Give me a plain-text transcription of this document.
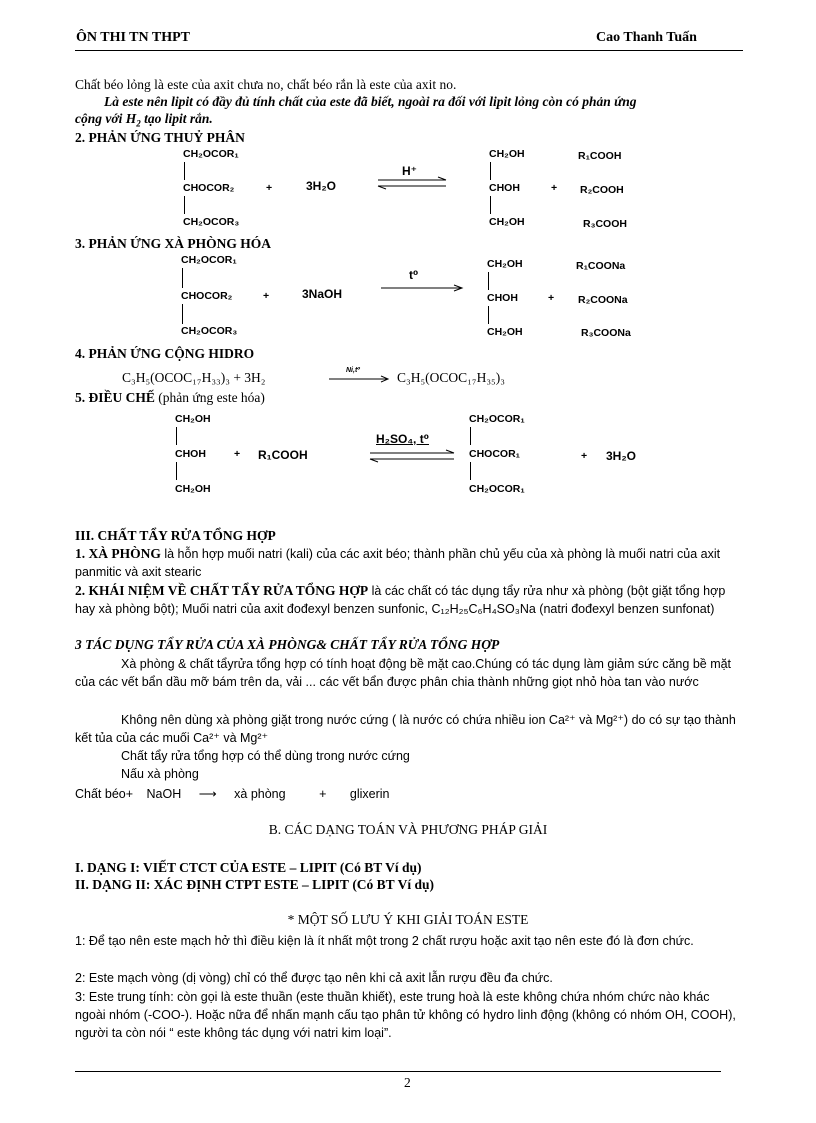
ÔN THI TN THPT	Cao Thanh Tuấn
Chất béo lỏng là este của axit chưa no, chất béo rắn là este của axit no.
Là este nên lipit có đầy đủ tính chất của este đã biết, ngoài ra đối với lipit lỏng còn có phản ứng
cộng với $H_2$ tạo lipit rắn.
2. PHẢN ỨNG THUỶ PHÂN
CH₂OCOR₁
CHOCOR₂
CH₂OCOR₃
+	3H₂O
H⁺
CH₂OH
CHOH
CH₂OH
+
R₁COOH
R₂COOH
R₃COOH
3. PHẢN ỨNG XÀ PHÒNG HÓA
CH₂OCOR₁
CHOCOR₂
CH₂OCOR₃
+	3NaOH
t⁰
CH₂OH
CHOH
CH₂OH
+
R₁COONa
R₂COONa
R₃COONa
4. PHẢN ỨNG CỘNG HIDRO
C₃H₅(OCOC₁₇H₃₃)₃ + 3H₂	Ni,t⁰	C₃H₅(OCOC₁₇H₃₅)₃
5. ĐIỀU CHẾ (phản ứng este hóa)
CH₂OH
CHOH
CH₂OH
+ R₁COOH
H₂SO₄, t⁰
CH₂OCOR₁
CHOCOR₁
CH₂OCOR₁
+ 3H₂O
III. CHẤT TẨY RỬA TỔNG HỢP
1. XÀ PHÒNG là hỗn hợp muối natri (kali) của các axit béo; thành phần chủ yếu của xà phòng là muối natri của axit panmitic và axit stearic
2. KHÁI NIỆM VỀ CHẤT TẨY RỬA TỔNG HỢP là các chất có tác dụng tẩy rửa như xà phòng (bột giặt tổng hợp hay xà phòng bột); Muối natri của axit đođexyl benzen sunfonic, C₁₂H₂₅C₆H₄SO₃Na (natri đođexyl benzen sunfonat)
3 TÁC DỤNG TẨY RỬA CỦA XÀ PHÒNG& CHẤT TẨY RỬA TỔNG HỢP
Xà phòng & chất tẩyrửa tổng hợp có tính hoạt động bề mặt cao.Chúng có tác dụng làm giảm sức căng bề mặt của các vết bẩn dầu mỡ bám trên da, vải ... các vết bẩn được phân chia thành những giọt nhỏ hòa tan vào nước
Không nên dùng xà phòng giặt trong nước cứng ( là nước có chứa nhiều ion Ca²⁺ và Mg²⁺) do có sự tạo thành kết tủa của các muối Ca²⁺ và Mg²⁺
Chất tẩy rửa tổng hợp có thể dùng trong nước cứng
Nấu xà phòng
Chất béo+ NaOH ⟶ xà phòng	+ glixerin
B. CÁC DẠNG TOÁN VÀ PHƯƠNG PHÁP GIẢI
I. DẠNG I: VIẾT CTCT CỦA ESTE – LIPIT (Có BT Ví dụ)
II. DẠNG II: XÁC ĐỊNH CTPT ESTE – LIPIT (Có BT Ví dụ)
* MỘT SỐ LƯU Ý KHI GIẢI TOÁN ESTE
1: Để tạo nên este mạch hở thì điều kiện là ít nhất một trong 2 chất rượu hoặc axit tạo nên este đó là đơn chức.
2: Este mạch vòng (dị vòng) chỉ có thể được tạo nên khi cả axit lẫn rượu đều đa chức.
3: Este trung tính: còn gọi là este thuần (este thuần khiết), este trung hoà là este không chứa nhóm chức nào khác ngoài nhóm (-COO-). Hoặc nữa để nhấn mạnh cấu tạo phân tử không có hydro linh động (không có nhóm OH, COOH), người ta còn nói “ este không tác dụng với natri kim loại”.
2
